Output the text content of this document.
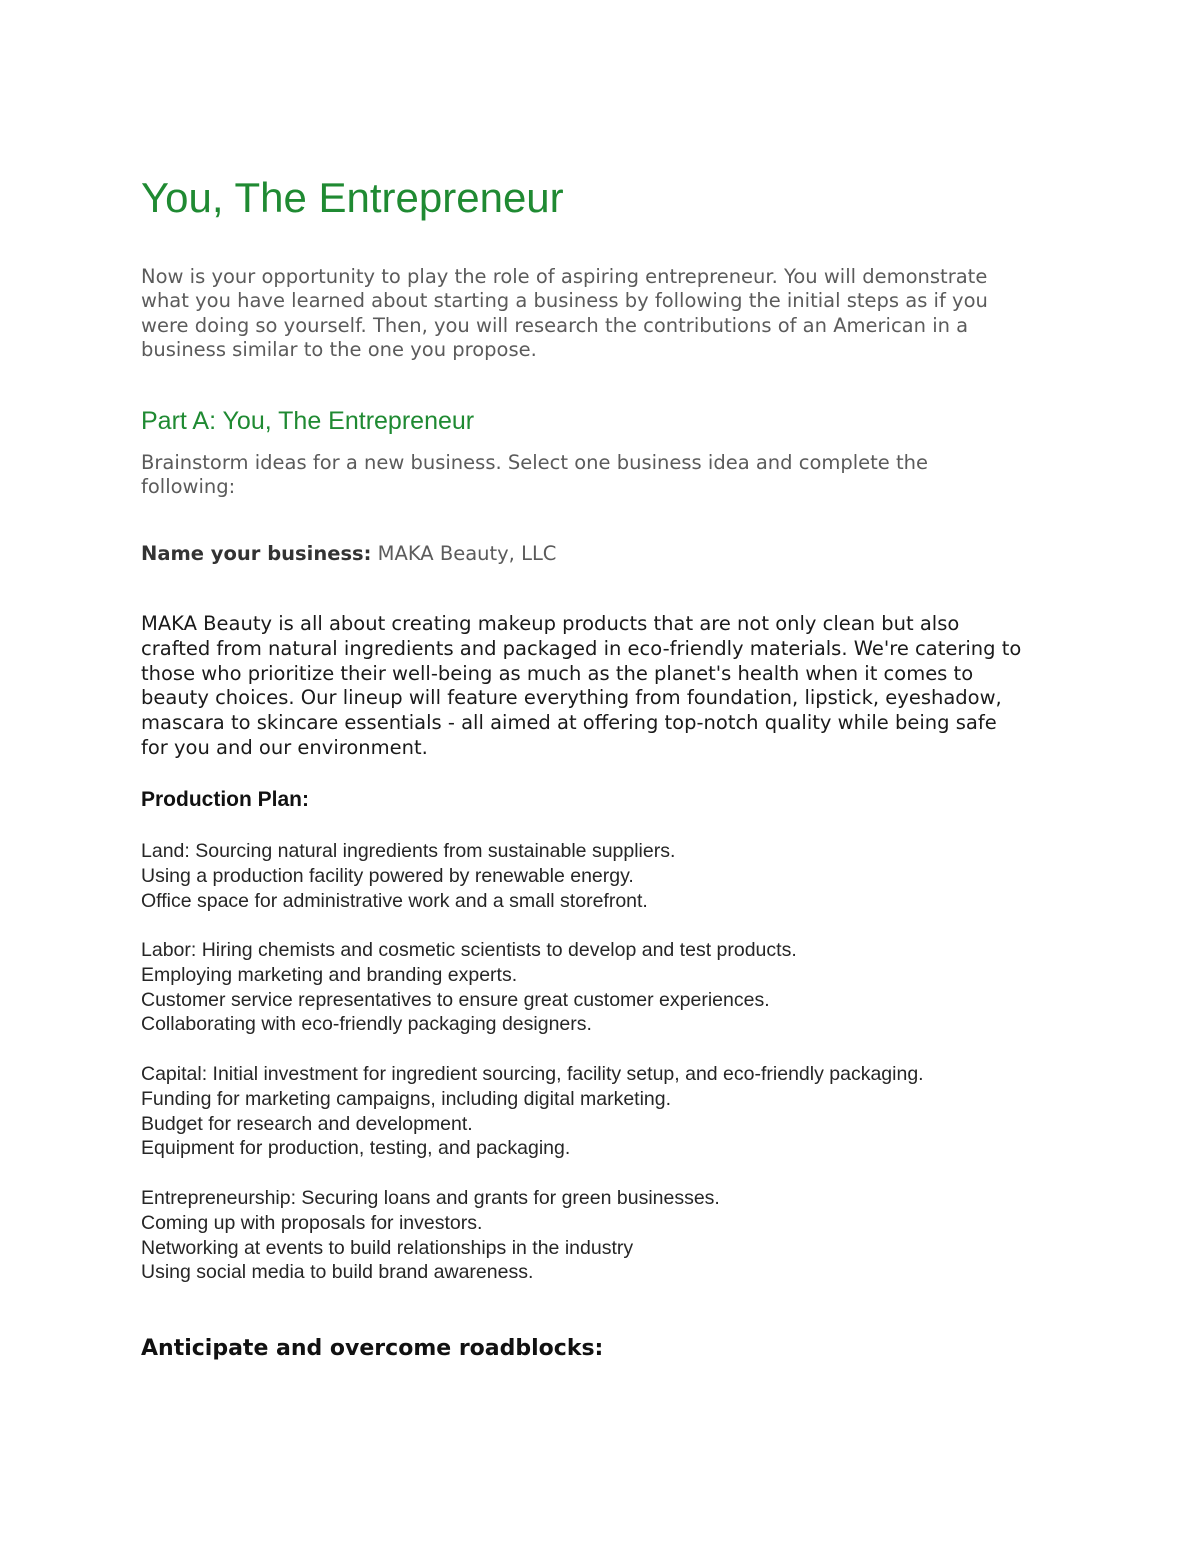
You, The Entrepreneur

Now is your opportunity to play the role of aspiring entrepreneur. You will demonstrate
what you have learned about starting a business by following the initial steps as if you
were doing so yourself. Then, you will research the contributions of an American in a
business similar to the one you propose.

Part A: You, The Entrepreneur

Brainstorm ideas for a new business. Select one business idea and complete the
following:

Name your business: MAKA Beauty, LLC

MAKA Beauty is all about creating makeup products that are not only clean but also
crafted from natural ingredients and packaged in eco-friendly materials. We're catering to
those who prioritize their well-being as much as the planet's health when it comes to
beauty choices. Our lineup will feature everything from foundation, lipstick, eyeshadow,
mascara to skincare essentials - all aimed at offering top-notch quality while being safe
for you and our environment.

Production Plan:

Land: Sourcing natural ingredients from sustainable suppliers.
Using a production facility powered by renewable energy.
Office space for administrative work and a small storefront.

Labor: Hiring chemists and cosmetic scientists to develop and test products.
Employing marketing and branding experts.
Customer service representatives to ensure great customer experiences.
Collaborating with eco-friendly packaging designers.

Capital: Initial investment for ingredient sourcing, facility setup, and eco-friendly packaging.
Funding for marketing campaigns, including digital marketing.
Budget for research and development.
Equipment for production, testing, and packaging.

Entrepreneurship: Securing loans and grants for green businesses.
Coming up with proposals for investors.
Networking at events to build relationships in the industry
Using social media to build brand awareness.

Anticipate and overcome roadblocks:
